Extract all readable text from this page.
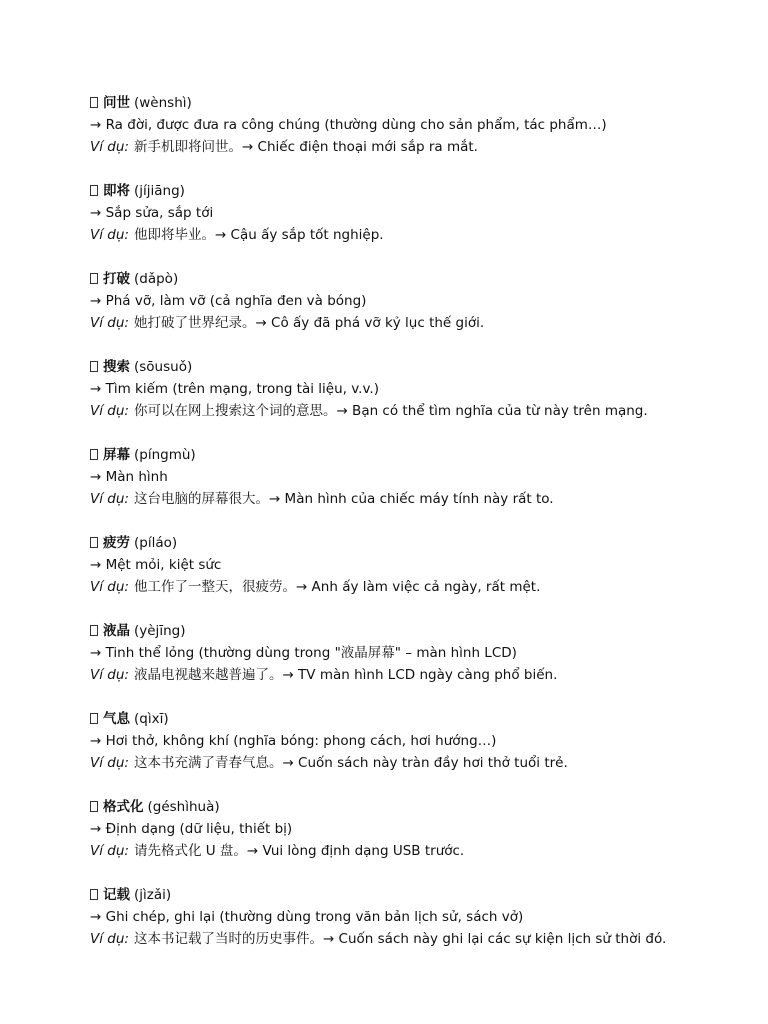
问世 (wènshì)
→ Ra đời, được đưa ra công chúng (thường dùng cho sản phẩm, tác phẩm…)
Ví dụ: 新手机即将问世。→ Chiếc điện thoại mới sắp ra mắt.
即将 (jíjiāng)
→ Sắp sửa, sắp tới
Ví dụ: 他即将毕业。→ Cậu ấy sắp tốt nghiệp.
打破 (dǎpò)
→ Phá vỡ, làm vỡ (cả nghĩa đen và bóng)
Ví dụ: 她打破了世界纪录。→ Cô ấy đã phá vỡ kỷ lục thế giới.
搜索 (sōusuǒ)
→ Tìm kiếm (trên mạng, trong tài liệu, v.v.)
Ví dụ: 你可以在网上搜索这个词的意思。→ Bạn có thể tìm nghĩa của từ này trên mạng.
屏幕 (píngmù)
→ Màn hình
Ví dụ: 这台电脑的屏幕很大。→ Màn hình của chiếc máy tính này rất to.
疲劳 (píláo)
→ Mệt mỏi, kiệt sức
Ví dụ: 他工作了一整天，很疲劳。→ Anh ấy làm việc cả ngày, rất mệt.
液晶 (yèjīng)
→ Tinh thể lỏng (thường dùng trong "液晶屏幕" – màn hình LCD)
Ví dụ: 液晶电视越来越普遍了。→ TV màn hình LCD ngày càng phổ biến.
气息 (qìxī)
→ Hơi thở, không khí (nghĩa bóng: phong cách, hơi hướng…)
Ví dụ: 这本书充满了青春气息。→ Cuốn sách này tràn đầy hơi thở tuổi trẻ.
格式化 (géshìhuà)
→ Định dạng (dữ liệu, thiết bị)
Ví dụ: 请先格式化 U 盘。→ Vui lòng định dạng USB trước.
记载 (jìzǎi)
→ Ghi chép, ghi lại (thường dùng trong văn bản lịch sử, sách vở)
Ví dụ: 这本书记载了当时的历史事件。→ Cuốn sách này ghi lại các sự kiện lịch sử thời đó.
